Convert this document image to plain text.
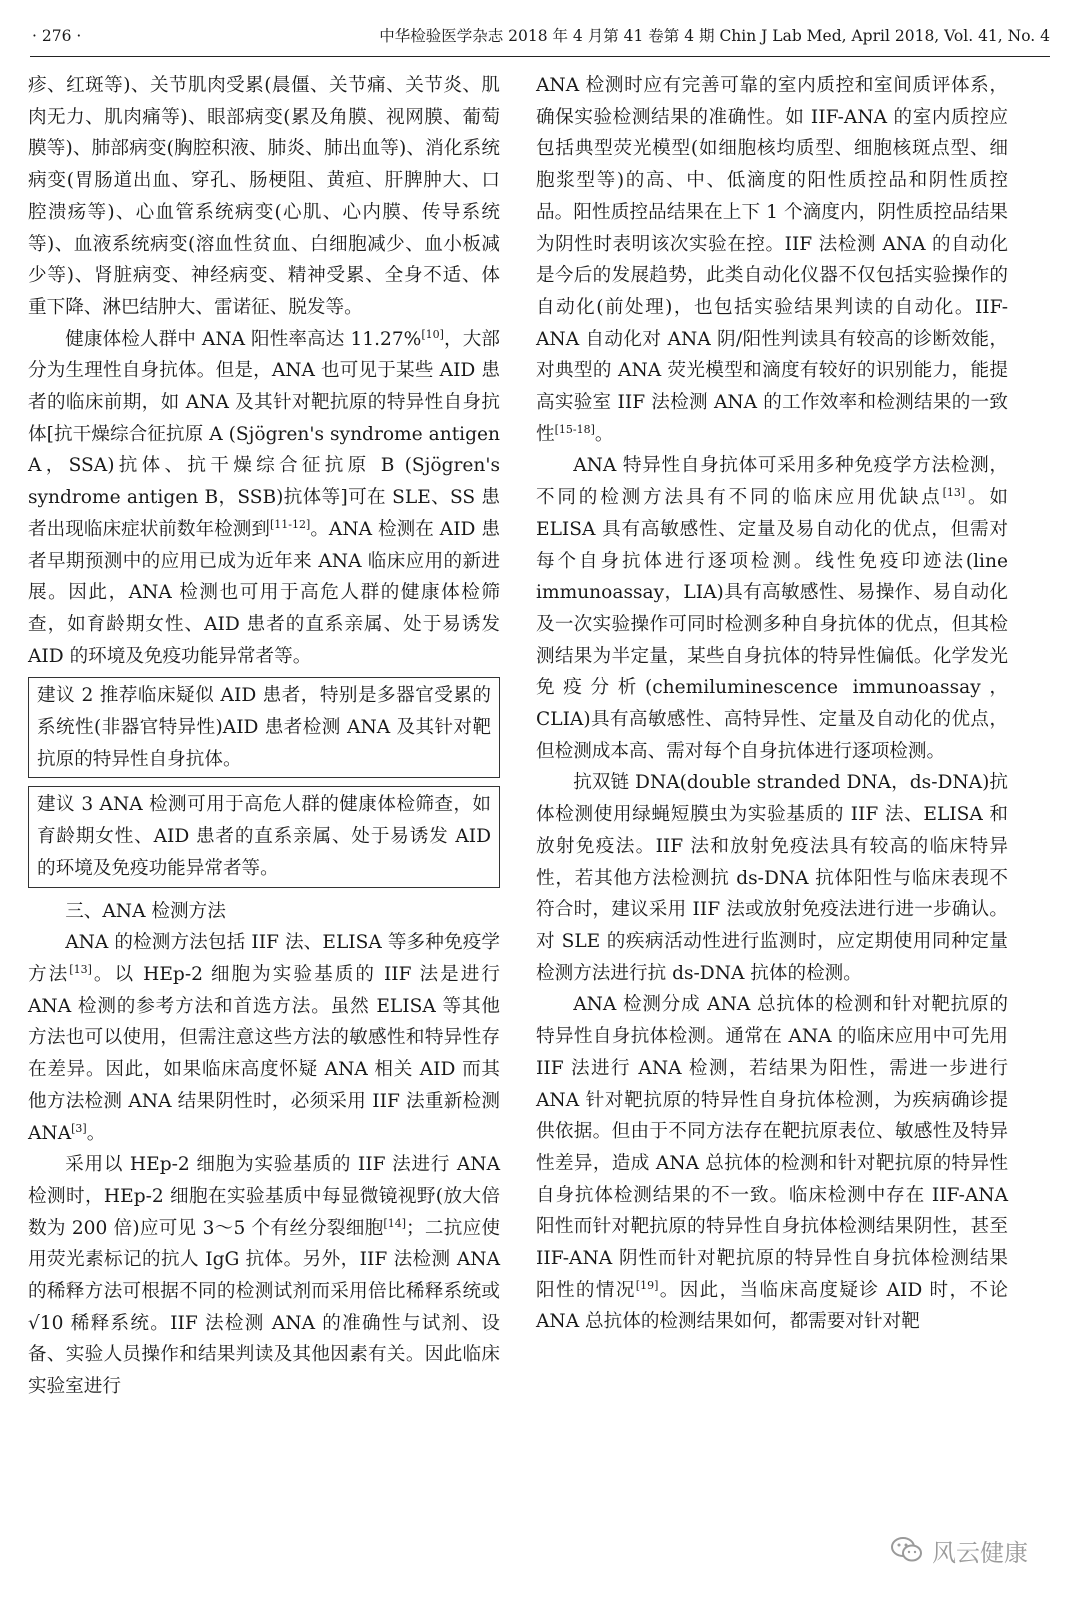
· 276 ·	中华检验医学杂志 2018 年 4 月第 41 卷第 4 期 Chin J Lab Med, April 2018, Vol. 41, No. 4

疹、红斑等)、关节肌肉受累(晨僵、关节痛、关节炎、肌肉无力、肌肉痛等)、眼部病变(累及角膜、视网膜、葡萄膜等)、肺部病变(胸腔积液、肺炎、肺出血等)、消化系统病变(胃肠道出血、穿孔、肠梗阻、黄疸、肝脾肿大、口腔溃疡等)、心血管系统病变(心肌、心内膜、传导系统等)、血液系统病变(溶血性贫血、白细胞减少、血小板减少等)、肾脏病变、神经病变、精神受累、全身不适、体重下降、淋巴结肿大、雷诺征、脱发等。

健康体检人群中 ANA 阳性率高达 11.27%[10]，大部分为生理性自身抗体。但是，ANA 也可见于某些 AID 患者的临床前期，如 ANA 及其针对靶抗原的特异性自身抗体[抗干燥综合征抗原 A (Sjögren's syndrome antigen A，SSA)抗体、抗干燥综合征抗原 B (Sjögren's syndrome antigen B，SSB)抗体等]可在 SLE、SS 患者出现临床症状前数年检测到[11-12]。ANA 检测在 AID 患者早期预测中的应用已成为近年来 ANA 临床应用的新进展。因此，ANA 检测也可用于高危人群的健康体检筛查，如育龄期女性、AID 患者的直系亲属、处于易诱发 AID 的环境及免疫功能异常者等。

建议 2 推荐临床疑似 AID 患者，特别是多器官受累的系统性(非器官特异性)AID 患者检测 ANA 及其针对靶抗原的特异性自身抗体。

建议 3 ANA 检测可用于高危人群的健康体检筛查，如育龄期女性、AID 患者的直系亲属、处于易诱发 AID 的环境及免疫功能异常者等。

三、ANA 检测方法

ANA 的检测方法包括 IIF 法、ELISA 等多种免疫学方法[13]。以 HEp-2 细胞为实验基质的 IIF 法是进行 ANA 检测的参考方法和首选方法。虽然 ELISA 等其他方法也可以使用，但需注意这些方法的敏感性和特异性存在差异。因此，如果临床高度怀疑 ANA 相关 AID 而其他方法检测 ANA 结果阴性时，必须采用 IIF 法重新检测 ANA[3]。

采用以 HEp-2 细胞为实验基质的 IIF 法进行 ANA 检测时，HEp-2 细胞在实验基质中每显微镜视野(放大倍数为 200 倍)应可见 3～5 个有丝分裂细胞[14]；二抗应使用荧光素标记的抗人 IgG 抗体。另外，IIF 法检测 ANA 的稀释方法可根据不同的检测试剂而采用倍比稀释系统或 √10 稀释系统。IIF 法检测 ANA 的准确性与试剂、设备、实验人员操作和结果判读及其他因素有关。因此临床实验室进行

ANA 检测时应有完善可靠的室内质控和室间质评体系，确保实验检测结果的准确性。如 IIF-ANA 的室内质控应包括典型荧光模型(如细胞核均质型、细胞核斑点型、细胞浆型等)的高、中、低滴度的阳性质控品和阴性质控品。阳性质控品结果在上下 1 个滴度内，阴性质控品结果为阴性时表明该次实验在控。IIF 法检测 ANA 的自动化是今后的发展趋势，此类自动化仪器不仅包括实验操作的自动化(前处理)，也包括实验结果判读的自动化。IIF-ANA 自动化对 ANA 阴/阳性判读具有较高的诊断效能，对典型的 ANA 荧光模型和滴度有较好的识别能力，能提高实验室 IIF 法检测 ANA 的工作效率和检测结果的一致性[15-18]。

ANA 特异性自身抗体可采用多种免疫学方法检测，不同的检测方法具有不同的临床应用优缺点[13]。如 ELISA 具有高敏感性、定量及易自动化的优点，但需对每个自身抗体进行逐项检测。线性免疫印迹法(line immunoassay，LIA)具有高敏感性、易操作、易自动化及一次实验操作可同时检测多种自身抗体的优点，但其检测结果为半定量，某些自身抗体的特异性偏低。化学发光免疫分析(chemiluminescence immunoassay，CLIA)具有高敏感性、高特异性、定量及自动化的优点，但检测成本高、需对每个自身抗体进行逐项检测。

抗双链 DNA(double stranded DNA，ds-DNA)抗体检测使用绿蝇短膜虫为实验基质的 IIF 法、ELISA 和放射免疫法。IIF 法和放射免疫法具有较高的临床特异性，若其他方法检测抗 ds-DNA 抗体阳性与临床表现不符合时，建议采用 IIF 法或放射免疫法进行进一步确认。对 SLE 的疾病活动性进行监测时，应定期使用同种定量检测方法进行抗 ds-DNA 抗体的检测。

ANA 检测分成 ANA 总抗体的检测和针对靶抗原的特异性自身抗体检测。通常在 ANA 的临床应用中可先用 IIF 法进行 ANA 检测，若结果为阳性，需进一步进行 ANA 针对靶抗原的特异性自身抗体检测，为疾病确诊提供依据。但由于不同方法存在靶抗原表位、敏感性及特异性差异，造成 ANA 总抗体的检测和针对靶抗原的特异性自身抗体检测结果的不一致。临床检测中存在 IIF-ANA 阳性而针对靶抗原的特异性自身抗体检测结果阴性，甚至 IIF-ANA 阴性而针对靶抗原的特异性自身抗体检测结果阳性的情况[19]。因此，当临床高度疑诊 AID 时，不论 ANA 总抗体的检测结果如何，都需要对针对靶

风云健康
